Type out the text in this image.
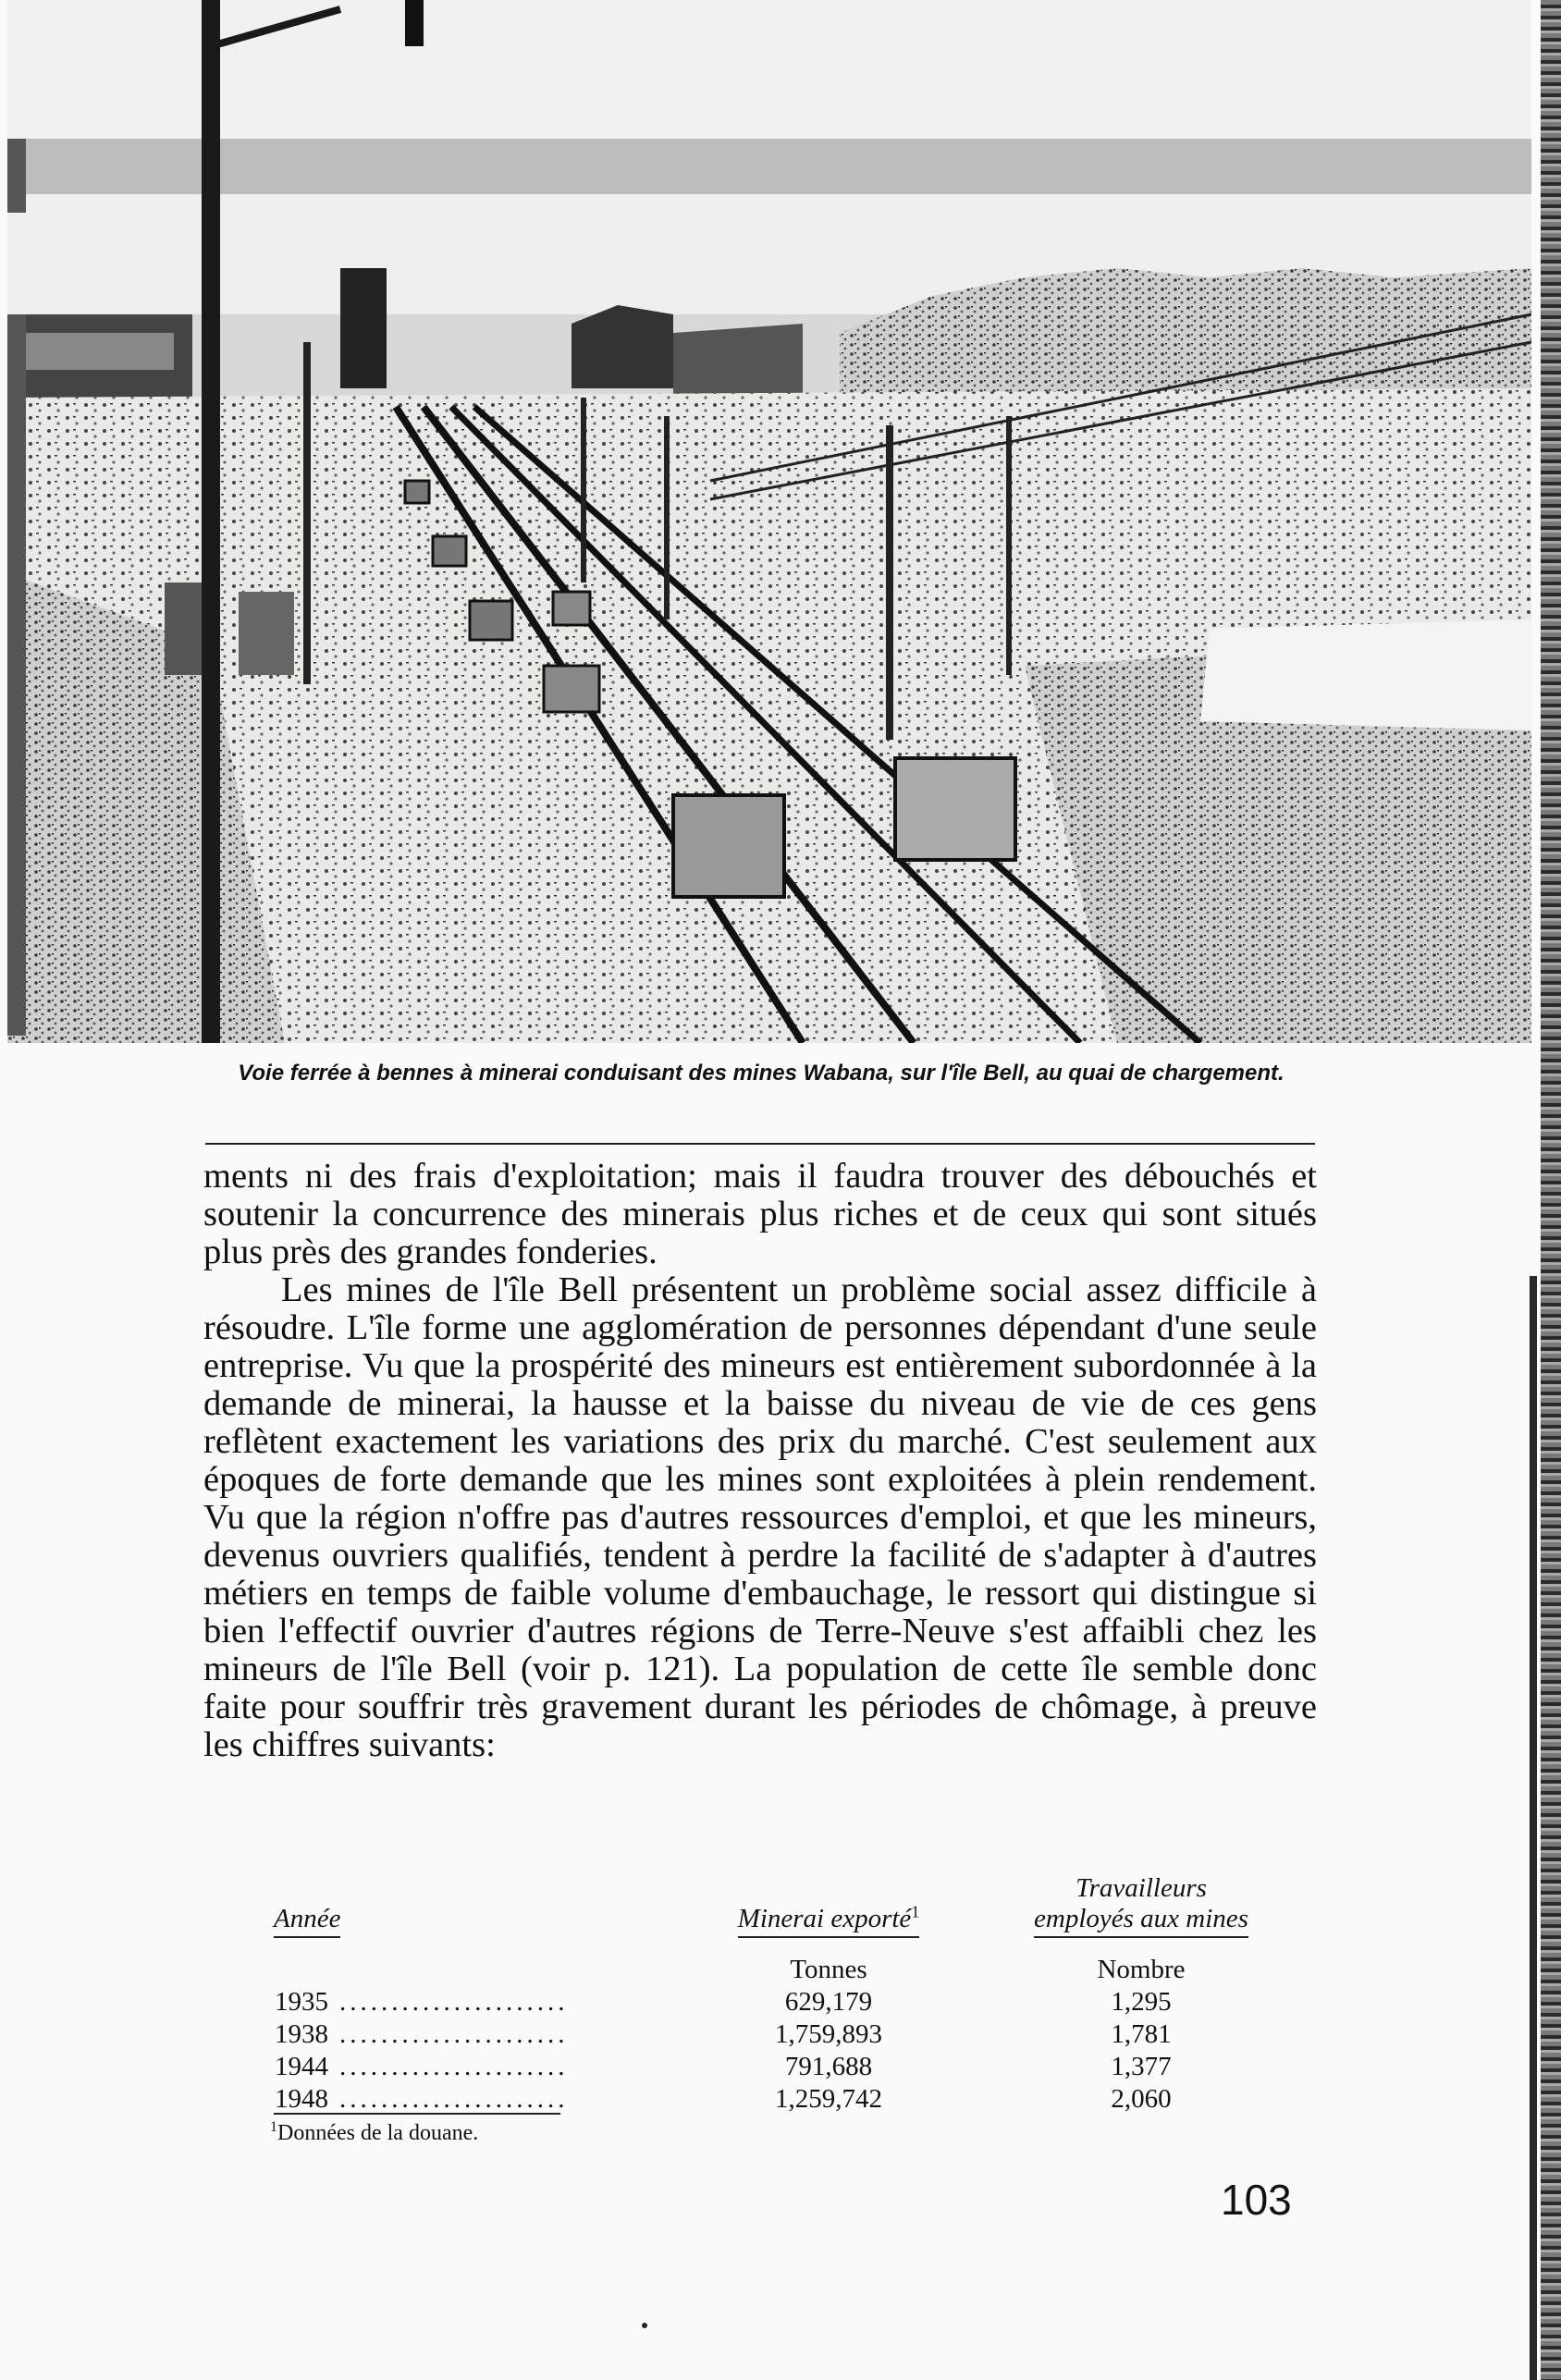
Voie ferrée à bennes à minerai conduisant des mines Wabana, sur l'île Bell, au quai de chargement.

ments ni des frais d'exploitation; mais il faudra trouver des débouchés et soutenir la concurrence des minerais plus riches et de ceux qui sont situés plus près des grandes fonderies.

Les mines de l'île Bell présentent un problème social assez difficile à résoudre. L'île forme une agglomération de personnes dépendant d'une seule entreprise. Vu que la prospérité des mineurs est entièrement subordonnée à la demande de minerai, la hausse et la baisse du niveau de vie de ces gens reflètent exactement les variations des prix du marché. C'est seulement aux époques de forte demande que les mines sont exploitées à plein rendement. Vu que la région n'offre pas d'autres ressources d'emploi, et que les mineurs, devenus ouvriers qualifiés, tendent à perdre la facilité de s'adapter à d'autres métiers en temps de faible volume d'embauchage, le ressort qui distingue si bien l'effectif ouvrier d'autres régions de Terre-Neuve s'est affaibli chez les mineurs de l'île Bell (voir p. 121). La population de cette île semble donc faite pour souffrir très gravement durant les périodes de chômage, à preuve les chiffres suivants:

Année	Minerai exporté$^1$	Travailleurs
employés aux mines
	Tonnes	Nombre
1935 ......................	629,179	1,295
1938 ......................	1,759,893	1,781
1944 ......................	791,688	1,377
1948 ......................	1,259,742	2,060
$^1$Données de la douane.
103
